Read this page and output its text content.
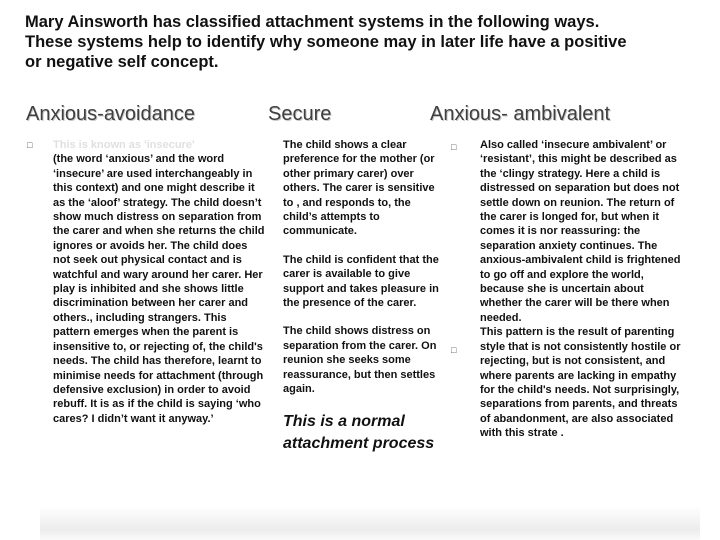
Mary Ainsworth has classified attachment systems in the following ways.
These systems help to identify why someone may in later life have a positive
or negative self concept.
Anxious-avoidance	Secure	Anxious- ambivalent
□ This is known as 'insecure'
(the word ‘anxious’ and the word ‘insecure’ are used interchangeably in this context) and one might describe it as the ‘aloof’ strategy. The child doesn’t show much distress on separation from the carer and when she returns the child ignores or avoids her. The child does not seek out physical contact and is watchful and wary around her carer. Her play is inhibited and she shows little discrimination between her carer and others., including strangers. This pattern emerges when the parent is insensitive to, or rejecting of, the child's needs. The child has therefore, learnt to minimise needs for attachment (through defensive exclusion) in order to avoid rebuff. It is as if the child is saying ‘who cares? I didn’t want it anyway.’

The child shows a clear preference for the mother (or other primary carer) over others. The carer is sensitive to , and responds to, the child’s attempts to communicate.

The child is confident that the carer is available to give support and takes pleasure in the presence of the carer.

The child shows distress on separation from the carer. On reunion she seeks some reassurance, but then settles again.

This is a normal attachment process

□
□

Also called ‘insecure ambivalent’ or ‘resistant’, this might be described as the ‘clingy strategy. Here a child is distressed on separation but does not settle down on reunion. The return of the carer is longed for, but when it comes it is nor reassuring: the separation anxiety continues. The anxious-ambivalent child is frightened to go off and explore the world, because she is uncertain about whether the carer will be there when needed.

This pattern is the result of parenting style that is not consistently hostile or rejecting, but is not consistent, and where parents are lacking in empathy for the child's needs. Not surprisingly, separations from parents, and threats of abandonment, are also associated with this strate .
